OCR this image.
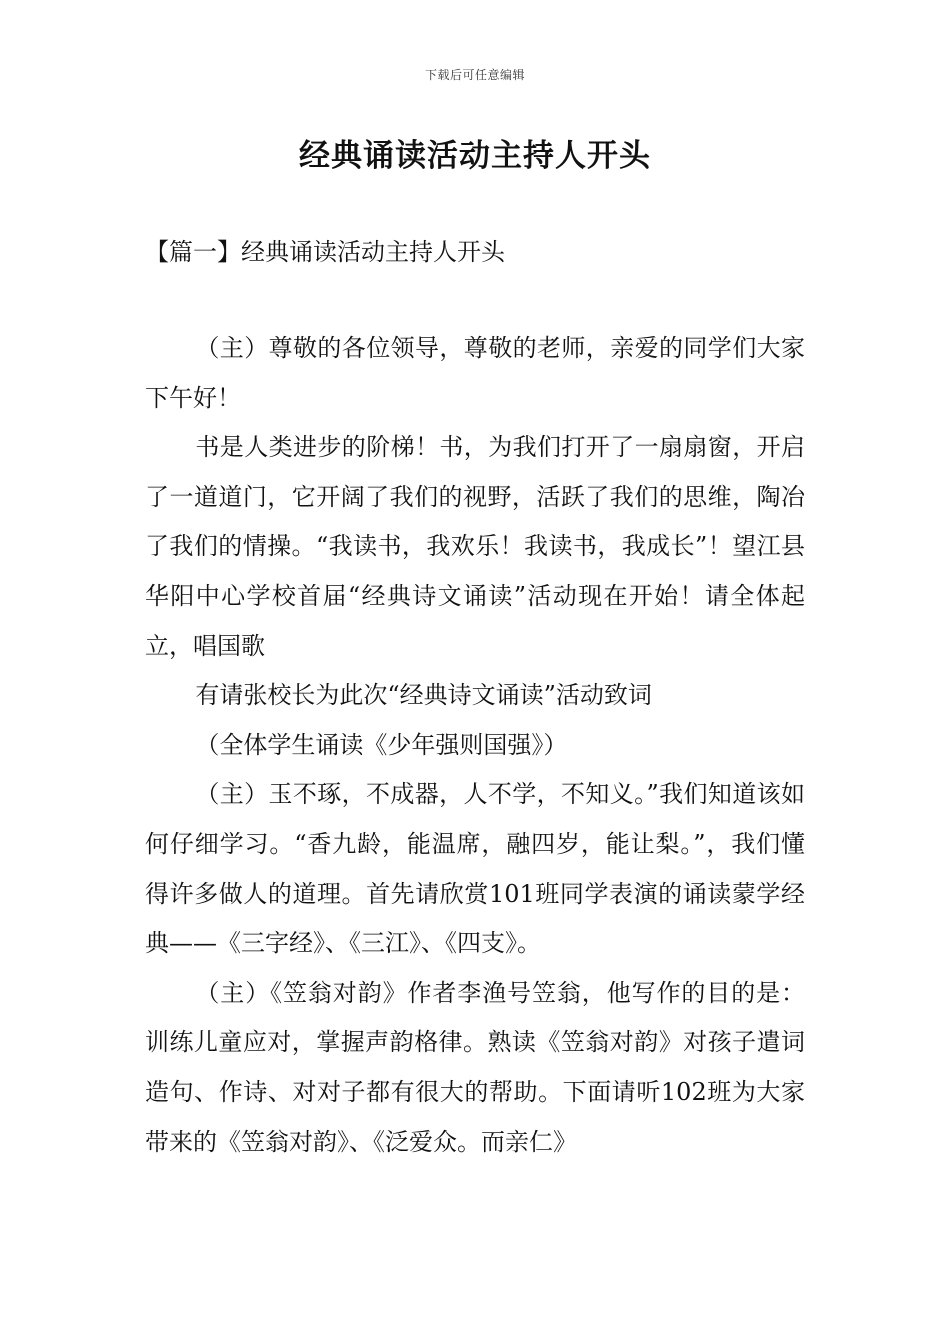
下载后可任意编辑
经典诵读活动主持人开头
【篇一】经典诵读活动主持人开头

（主）尊敬的各位领导，尊敬的老师，亲爱的同学们大家下午好！

书是人类进步的阶梯！书，为我们打开了一扇扇窗，开启了一道道门，它开阔了我们的视野，活跃了我们的思维，陶冶了我们的情操。“我读书，我欢乐！我读书，我成长”！望江县华阳中心学校首届“经典诗文诵读”活动现在开始！请全体起立，唱国歌

有请张校长为此次“经典诗文诵读”活动致词

（全体学生诵读《少年强则国强》）

（主）玉不琢，不成器，人不学，不知义。”我们知道该如何仔细学习。“香九龄，能温席，融四岁，能让梨。”，我们懂得许多做人的道理。首先请欣赏101班同学表演的诵读蒙学经典——《三字经》、《三江》、《四支》。

（主）《笠翁对韵》作者李渔号笠翁，他写作的目的是：训练儿童应对，掌握声韵格律。熟读《笠翁对韵》对孩子遣词造句、作诗、对对子都有很大的帮助。下面请听102班为大家带来的《笠翁对韵》、《泛爱众。而亲仁》
